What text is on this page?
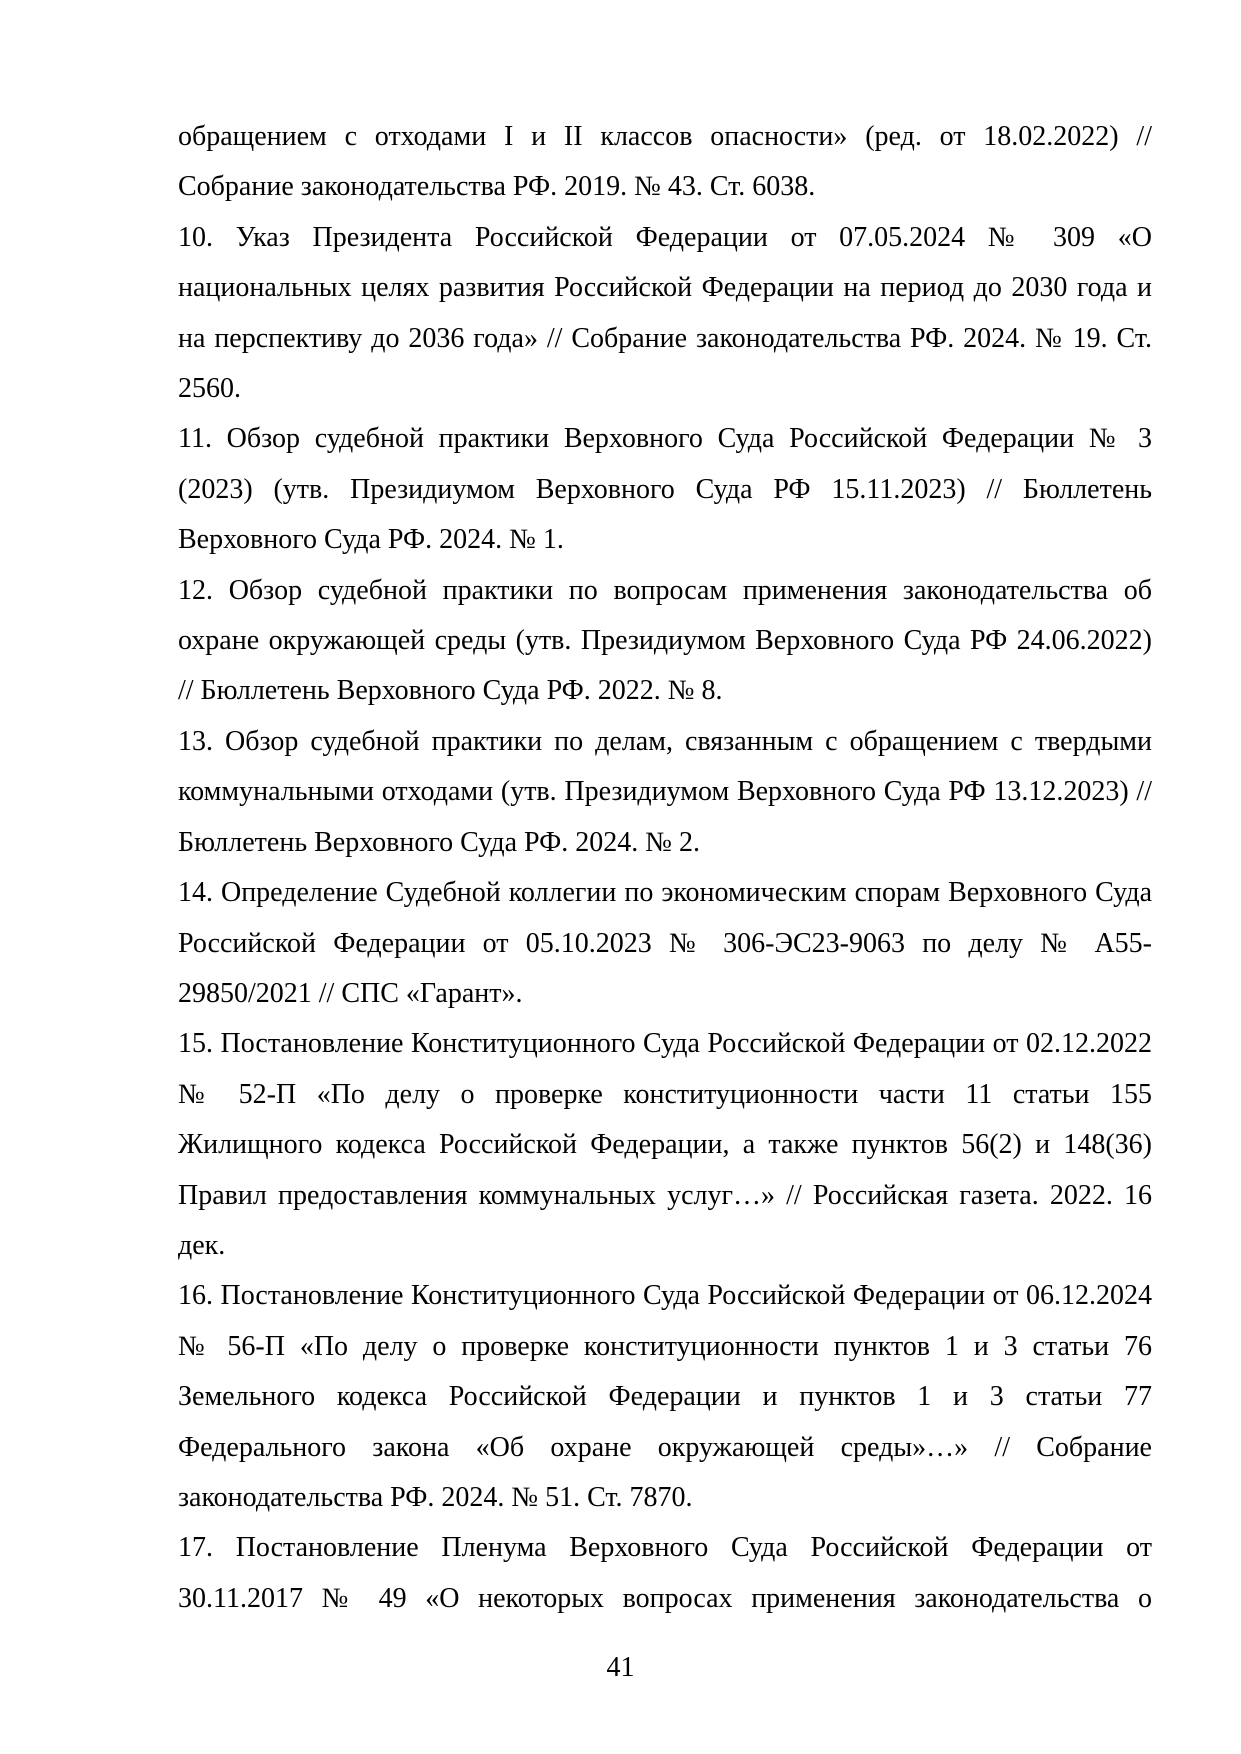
обращением с отходами I и II классов опасности» (ред. от 18.02.2022) // Собрание законодательства РФ. 2019. № 43. Ст. 6038.

10. Указ Президента Российской Федерации от 07.05.2024 № 309 «О национальных целях развития Российской Федерации на период до 2030 года и на перспективу до 2036 года» // Собрание законодательства РФ. 2024. № 19. Ст. 2560.

11. Обзор судебной практики Верховного Суда Российской Федерации № 3 (2023) (утв. Президиумом Верховного Суда РФ 15.11.2023) // Бюллетень Верховного Суда РФ. 2024. № 1.

12. Обзор судебной практики по вопросам применения законодательства об охране окружающей среды (утв. Президиумом Верховного Суда РФ 24.06.2022) // Бюллетень Верховного Суда РФ. 2022. № 8.

13. Обзор судебной практики по делам, связанным с обращением с твердыми коммунальными отходами (утв. Президиумом Верховного Суда РФ 13.12.2023) // Бюллетень Верховного Суда РФ. 2024. № 2.

14. Определение Судебной коллегии по экономическим спорам Верховного Суда Российской Федерации от 05.10.2023 № 306-ЭС23-9063 по делу № А55-29850/2021 // СПС «Гарант».

15. Постановление Конституционного Суда Российской Федерации от 02.12.2022 № 52-П «По делу о проверке конституционности части 11 статьи 155 Жилищного кодекса Российской Федерации, а также пунктов 56(2) и 148(36) Правил предоставления коммунальных услуг…» // Российская газета. 2022. 16 дек.

16. Постановление Конституционного Суда Российской Федерации от 06.12.2024 № 56-П «По делу о проверке конституционности пунктов 1 и 3 статьи 76 Земельного кодекса Российской Федерации и пунктов 1 и 3 статьи 77 Федерального закона «Об охране окружающей среды»…» // Собрание законодательства РФ. 2024. № 51. Ст. 7870.

17. Постановление Пленума Верховного Суда Российской Федерации от 30.11.2017 № 49 «О некоторых вопросах применения законодательства о

41
